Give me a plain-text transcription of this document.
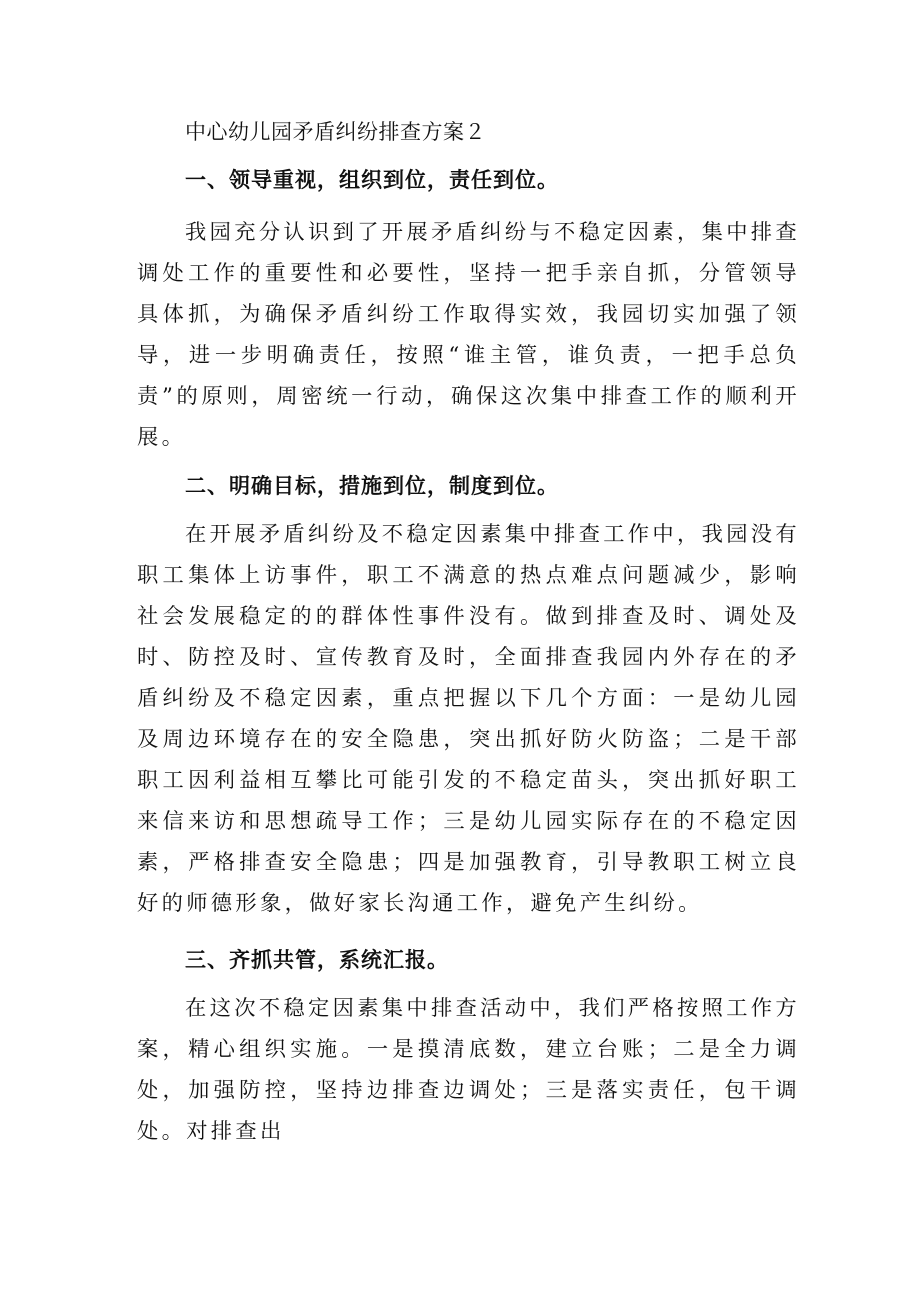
中心幼儿园矛盾纠纷排查方案２
一、领导重视，组织到位，责任到位。

我园充分认识到了开展矛盾纠纷与不稳定因素，集中排查调处工作的重要性和必要性，坚持一把手亲自抓，分管领导具体抓，为确保矛盾纠纷工作取得实效，我园切实加强了领导，进一步明确责任，按照“谁主管，谁负责，一把手总负责”的原则，周密统一行动，确保这次集中排查工作的顺利开展。

二、明确目标，措施到位，制度到位。

在开展矛盾纠纷及不稳定因素集中排查工作中，我园没有职工集体上访事件，职工不满意的热点难点问题减少，影响社会发展稳定的的群体性事件没有。做到排查及时、调处及时、防控及时、宣传教育及时，全面排查我园内外存在的矛盾纠纷及不稳定因素，重点把握以下几个方面：一是幼儿园及周边环境存在的安全隐患，突出抓好防火防盗；二是干部职工因利益相互攀比可能引发的不稳定苗头，突出抓好职工来信来访和思想疏导工作；三是幼儿园实际存在的不稳定因素，严格排查安全隐患；四是加强教育，引导教职工树立良好的师德形象，做好家长沟通工作，避免产生纠纷。

三、齐抓共管，系统汇报。

在这次不稳定因素集中排查活动中，我们严格按照工作方案，精心组织实施。一是摸清底数，建立台账；二是全力调处，加强防控，坚持边排查边调处；三是落实责任，包干调处。对排查出
